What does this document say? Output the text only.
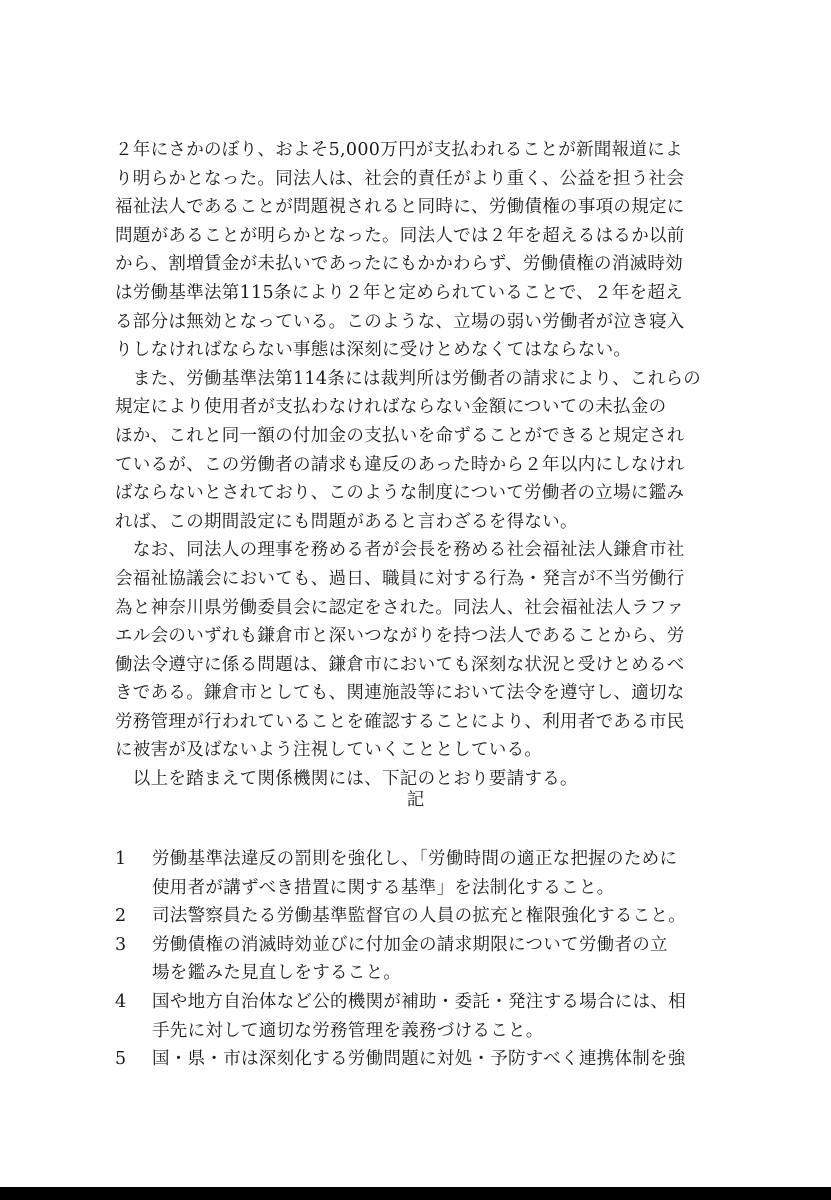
２年にさかのぼり、およそ5,000万円が支払われることが新聞報道によ
り明らかとなった。同法人は、社会的責任がより重く、公益を担う社会
福祉法人であることが問題視されると同時に、労働債権の事項の規定に
問題があることが明らかとなった。同法人では２年を超えるはるか以前
から、割増賃金が未払いであったにもかかわらず、労働債権の消滅時効
は労働基準法第115条により２年と定められていることで、２年を超え
る部分は無効となっている。このような、立場の弱い労働者が泣き寝入
りしなければならない事態は深刻に受けとめなくてはならない。
　また、労働基準法第114条には裁判所は労働者の請求により、これらの
規定により使用者が支払わなければならない金額についての未払金の
ほか、これと同一額の付加金の支払いを命ずることができると規定され
ているが、この労働者の請求も違反のあった時から２年以内にしなけれ
ばならないとされており、このような制度について労働者の立場に鑑み
れば、この期間設定にも問題があると言わざるを得ない。
　なお、同法人の理事を務める者が会長を務める社会福祉法人鎌倉市社
会福祉協議会においても、過日、職員に対する行為・発言が不当労働行
為と神奈川県労働委員会に認定をされた。同法人、社会福祉法人ラファ
エル会のいずれも鎌倉市と深いつながりを持つ法人であることから、労
働法令遵守に係る問題は、鎌倉市においても深刻な状況と受けとめるべ
きである。鎌倉市としても、関連施設等において法令を遵守し、適切な
労務管理が行われていることを確認することにより、利用者である市民
に被害が及ばないよう注視していくこととしている。
　以上を踏まえて関係機関には、下記のとおり要請する。
記
1	労働基準法違反の罰則を強化し、「労働時間の適正な把握のために
使用者が講ずべき措置に関する基準」を法制化すること。
2	司法警察員たる労働基準監督官の人員の拡充と権限強化すること。
3	労働債権の消滅時効並びに付加金の請求期限について労働者の立
場を鑑みた見直しをすること。
4	国や地方自治体など公的機関が補助・委託・発注する場合には、相
手先に対して適切な労務管理を義務づけること。
5	国・県・市は深刻化する労働問題に対処・予防すべく連携体制を強
